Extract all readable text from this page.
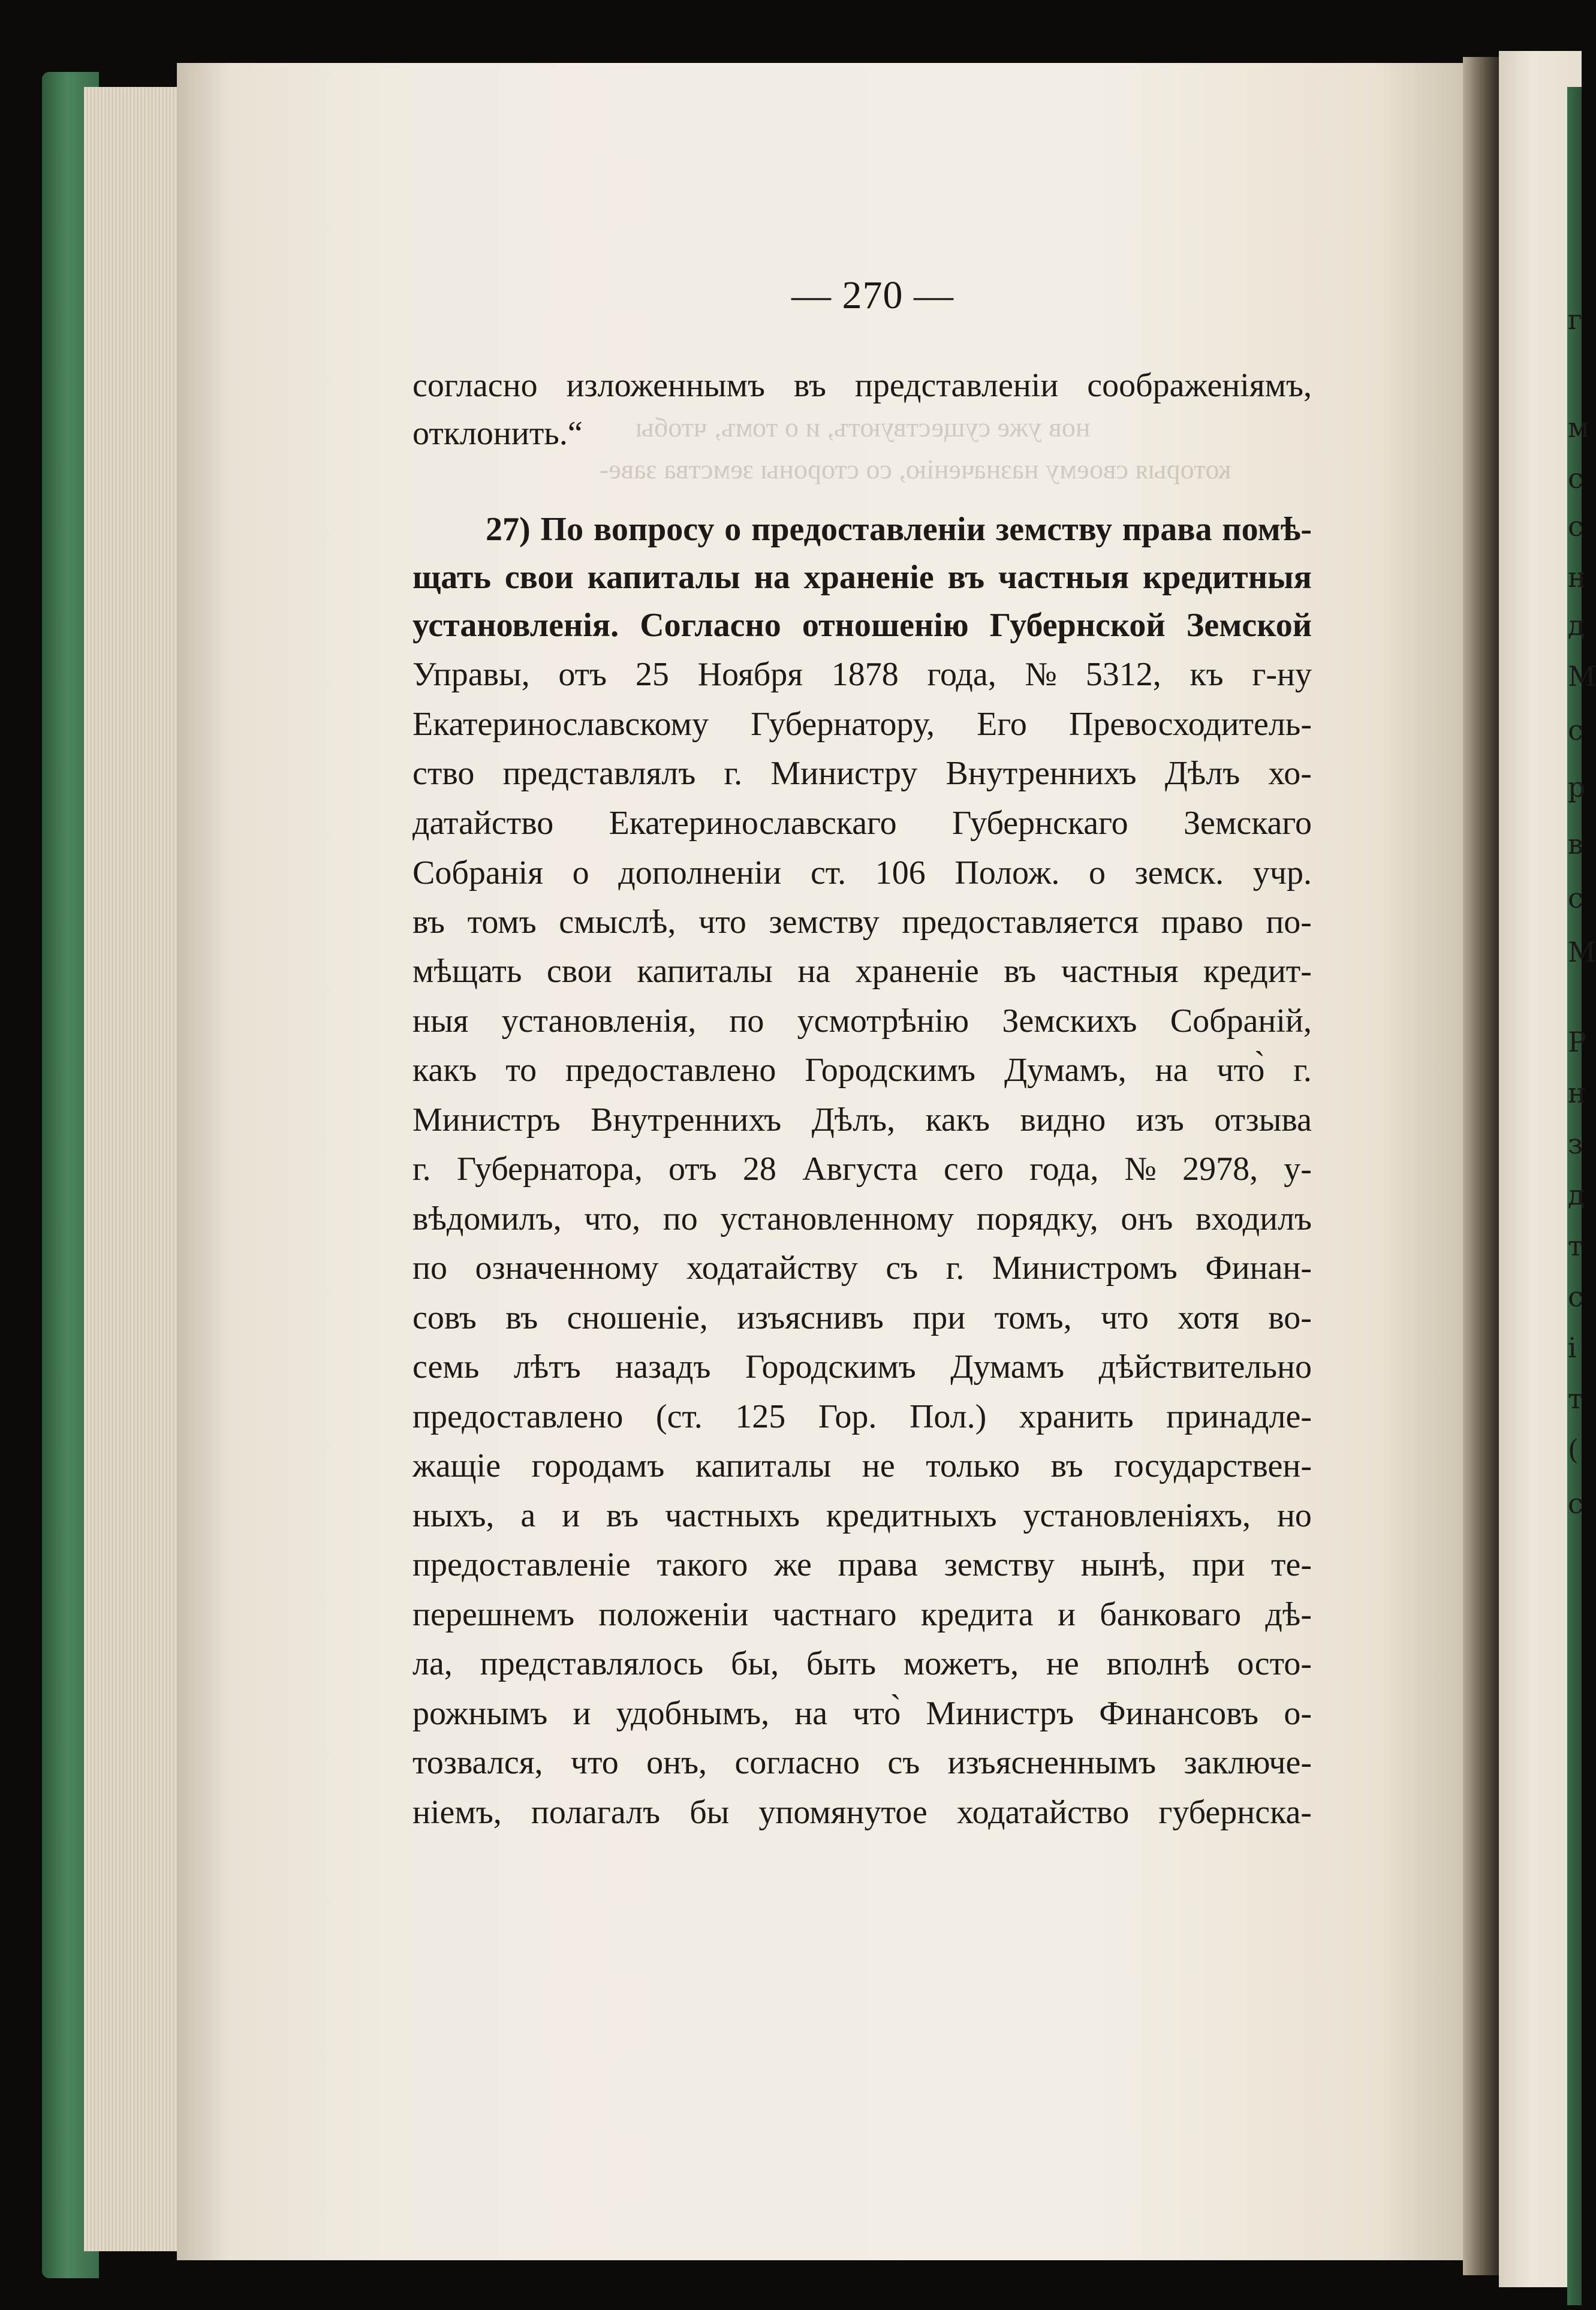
нов уже существуютъ, и о томъ, чтобы
которыя своему назначенію, со стороны земства заве-
— 270 —
согласно изложеннымъ въ представленіи соображеніямъ,
отклонить.“
27) По вопросу о предоставленіи земству права помѣ-
щать свои капиталы на храненіе въ частныя кредитныя
установленія. Согласно отношенію Губернской Земской
Управы, отъ 25 Ноября 1878 года, № 5312, къ г-ну
Екатеринославскому Губернатору, Его Превосходитель-
ство представлялъ г. Министру Внутреннихъ Дѣлъ хо-
датайство Екатеринославскаго Губернскаго Земскаго
Собранія о дополненіи ст. 106 Полож. о земск. учр.
въ томъ смыслѣ, что земству предоставляется право по-
мѣщать свои капиталы на храненіе въ частныя кредит-
ныя установленія, по усмотрѣнію Земскихъ Собраній,
какъ то предоставлено Городскимъ Думамъ, на что̀ г.
Министръ Внутреннихъ Дѣлъ, какъ видно изъ отзыва
г. Губернатора, отъ 28 Августа сего года, № 2978, у-
вѣдомилъ, что, по установленному порядку, онъ входилъ
по означенному ходатайству съ г. Министромъ Финан-
совъ въ сношеніе, изъяснивъ при томъ, что хотя во-
семь лѣтъ назадъ Городскимъ Думамъ дѣйствительно
предоставлено (ст. 125 Гор. Пол.) хранить принадле-
жащіе городамъ капиталы не только въ государствен-
ныхъ, а и въ частныхъ кредитныхъ установленіяхъ, но
предоставленіе такого же права земству нынѣ, при те-
перешнемъ положеніи частнаго кредита и банковаго дѣ-
ла, представлялось бы, быть можетъ, не вполнѣ осто-
рожнымъ и удобнымъ, на что̀ Министръ Финансовъ о-
тозвался, что онъ, согласно съ изъясненнымъ заключе-
ніемъ, полагалъ бы упомянутое ходатайство губернска-
г
м
с
с
н
д
М
с
р
в
с
М
Р
н
з
д
т
с
і
т
(
с
